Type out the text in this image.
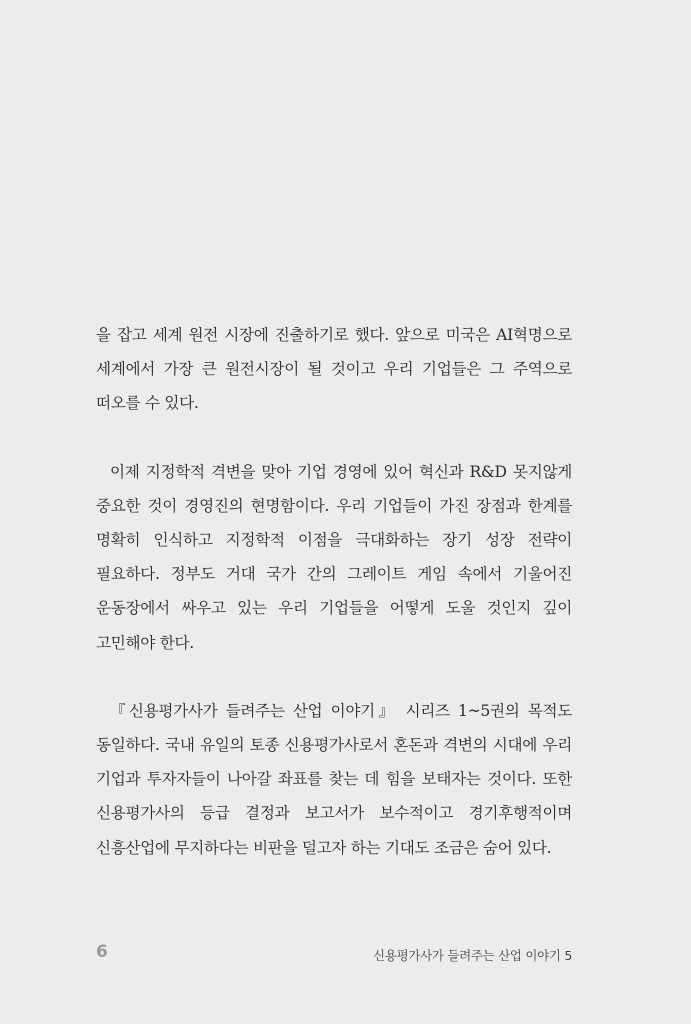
을 잡고 세계 원전 시장에 진출하기로 했다. 앞으로 미국은 AI혁명으로 세계에서 가장 큰 원전시장이 될 것이고 우리 기업들은 그 주역으로 떠오를 수 있다.

이제 지정학적 격변을 맞아 기업 경영에 있어 혁신과 R&D 못지않게 중요한 것이 경영진의 현명함이다. 우리 기업들이 가진 장점과 한계를 명확히 인식하고 지정학적 이점을 극대화하는 장기 성장 전략이 필요하다. 정부도 거대 국가 간의 그레이트 게임 속에서 기울어진 운동장에서 싸우고 있는 우리 기업들을 어떻게 도울 것인지 깊이 고민해야 한다.

『신용평가사가 들려주는 산업 이야기』 시리즈 1~5권의 목적도 동일하다. 국내 유일의 토종 신용평가사로서 혼돈과 격변의 시대에 우리 기업과 투자자들이 나아갈 좌표를 찾는 데 힘을 보태자는 것이다. 또한 신용평가사의 등급 결정과 보고서가 보수적이고 경기후행적이며 신흥산업에 무지하다는 비판을 덜고자 하는 기대도 조금은 숨어 있다.

6	신용평가사가 들려주는 산업 이야기 5
